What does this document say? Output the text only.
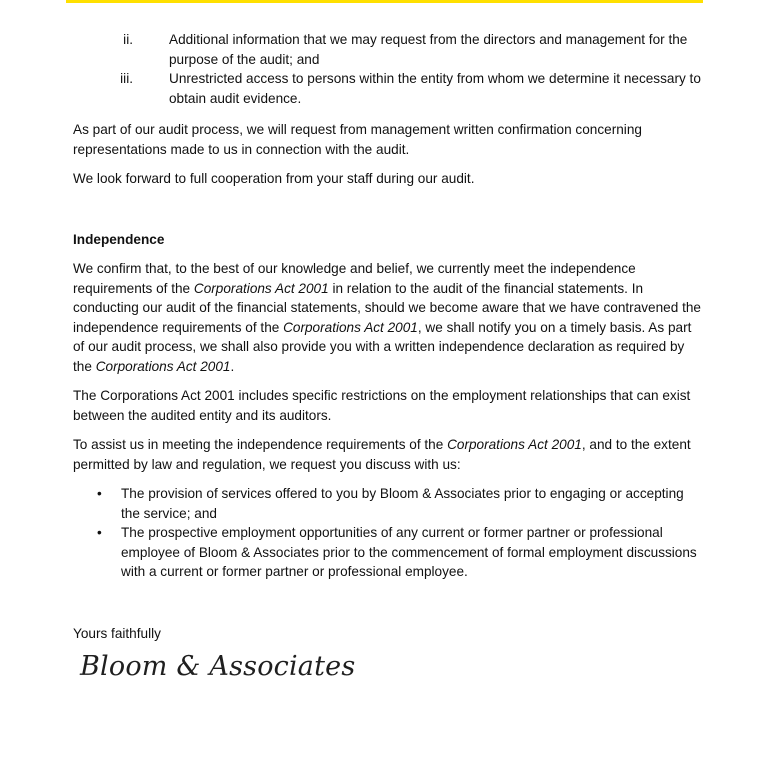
ii.	Additional information that we may request from the directors and management for the purpose of the audit; and
iii.	Unrestricted access to persons within the entity from whom we determine it necessary to obtain audit evidence.

As part of our audit process, we will request from management written confirmation concerning representations made to us in connection with the audit.

We look forward to full cooperation from your staff during our audit.

Independence

We confirm that, to the best of our knowledge and belief, we currently meet the independence requirements of the Corporations Act 2001 in relation to the audit of the financial statements. In conducting our audit of the financial statements, should we become aware that we have contravened the independence requirements of the Corporations Act 2001, we shall notify you on a timely basis. As part of our audit process, we shall also provide you with a written independence declaration as required by the Corporations Act 2001.

The Corporations Act 2001 includes specific restrictions on the employment relationships that can exist between the audited entity and its auditors.

To assist us in meeting the independence requirements of the Corporations Act 2001, and to the extent permitted by law and regulation, we request you discuss with us:

•	The provision of services offered to you by Bloom & Associates prior to engaging or accepting the service; and
•	The prospective employment opportunities of any current or former partner or professional employee of Bloom & Associates prior to the commencement of formal employment discussions with a current or former partner or professional employee.
Yours faithfully
Bloom & Associates
